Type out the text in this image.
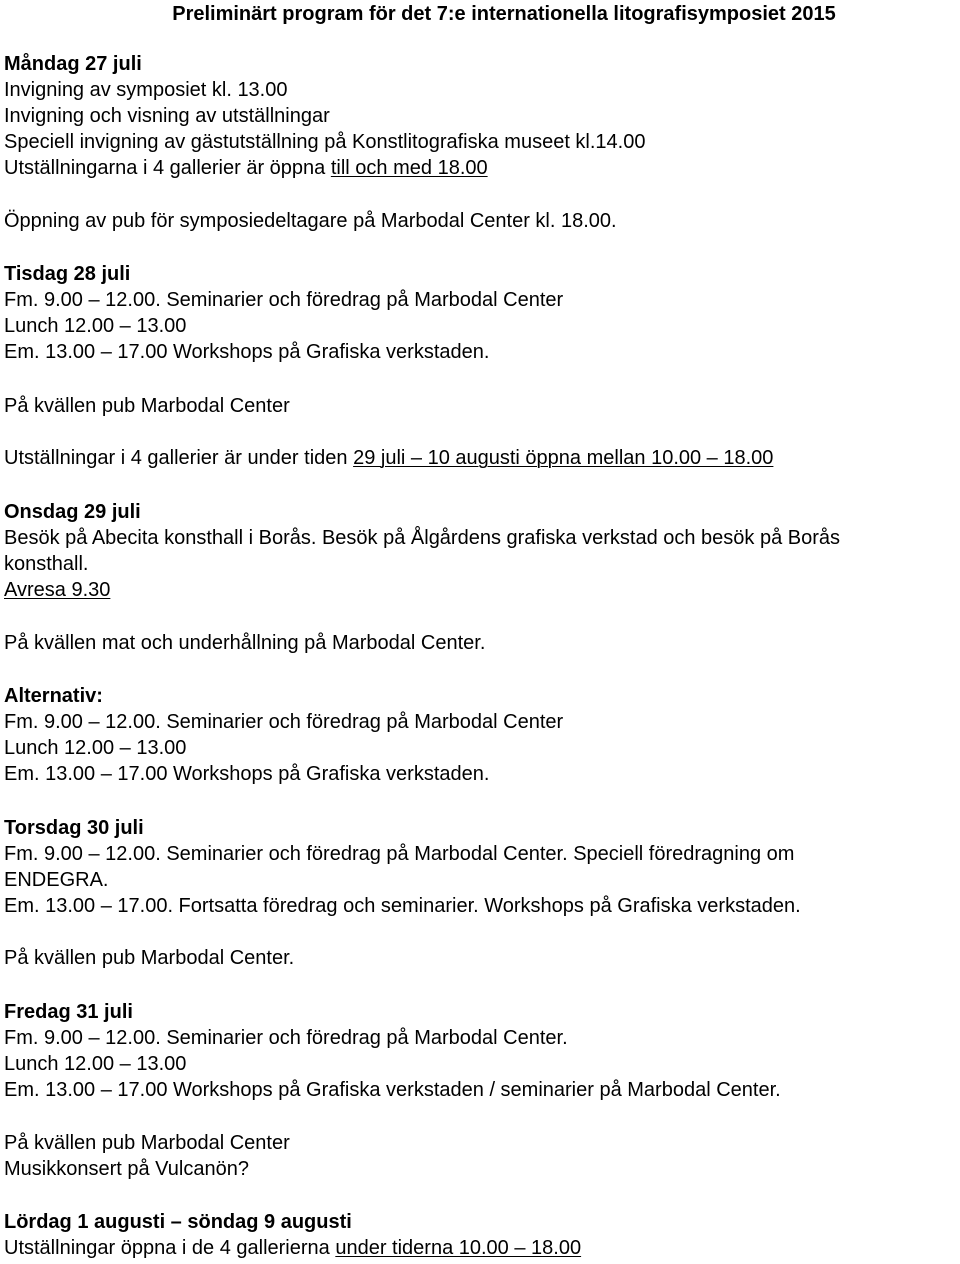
Preliminärt program för det 7:e internationella litografisymposiet 2015
Måndag 27 juli
Invigning av symposiet kl. 13.00
Invigning och visning av utställningar
Speciell invigning av gästutställning på Konstlitografiska museet kl.14.00
Utställningarna i 4 gallerier är öppna till och med 18.00
Öppning av pub för symposiedeltagare på Marbodal Center kl. 18.00.
Tisdag 28 juli
Fm. 9.00 – 12.00. Seminarier och föredrag på Marbodal Center
Lunch 12.00 – 13.00
Em. 13.00 – 17.00 Workshops på Grafiska verkstaden.
På kvällen pub Marbodal Center
Utställningar i 4 gallerier är under tiden 29 juli – 10 augusti öppna mellan 10.00 – 18.00
Onsdag 29 juli
Besök på Abecita konsthall i Borås. Besök på Ålgårdens grafiska verkstad och besök på Borås
konsthall.
Avresa 9.30
På kvällen mat och underhållning på Marbodal Center.
Alternativ:
Fm. 9.00 – 12.00. Seminarier och föredrag på Marbodal Center
Lunch 12.00 – 13.00
Em. 13.00 – 17.00 Workshops på Grafiska verkstaden.
Torsdag 30 juli
Fm. 9.00 – 12.00. Seminarier och föredrag på Marbodal Center. Speciell föredragning om
ENDEGRA.
Em. 13.00 – 17.00. Fortsatta föredrag och seminarier. Workshops på Grafiska verkstaden.
På kvällen pub Marbodal Center.
Fredag 31 juli
Fm. 9.00 – 12.00. Seminarier och föredrag på Marbodal Center.
Lunch 12.00 – 13.00
Em. 13.00 – 17.00 Workshops på Grafiska verkstaden / seminarier på Marbodal Center.
På kvällen pub Marbodal Center
Musikkonsert på Vulcanön?
Lördag 1 augusti – söndag 9 augusti
Utställningar öppna i de 4 gallerierna under tiderna 10.00 – 18.00
